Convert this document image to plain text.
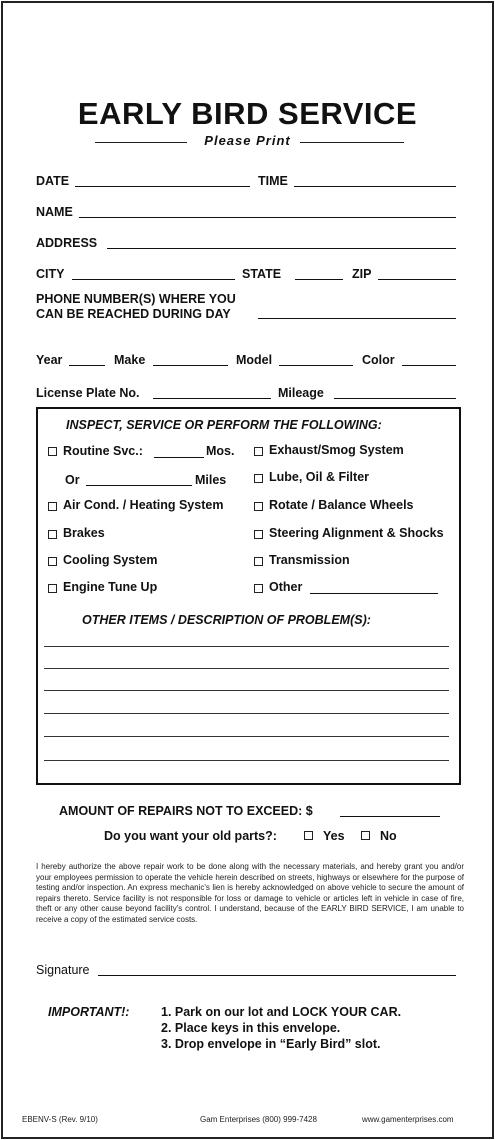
EARLY BIRD SERVICE
Please Print
DATE	TIME
NAME
ADDRESS
CITY	STATE	ZIP
PHONE NUMBER(S) WHERE YOU
CAN BE REACHED DURING DAY
Year	Make	Model	Color
License Plate No.	Mileage
INSPECT, SERVICE OR PERFORM THE FOLLOWING:
Routine Svc.:	Mos.
Or	Miles
Air Cond. / Heating System
Brakes
Cooling System
Engine Tune Up
Exhaust/Smog System
Lube, Oil & Filter
Rotate / Balance Wheels
Steering Alignment & Shocks
Transmission
Other
OTHER ITEMS / DESCRIPTION OF PROBLEM(S):
AMOUNT OF REPAIRS NOT TO EXCEED: $
Do you want your old parts?:	Yes	No
I hereby authorize the above repair work to be done along with the necessary materials, and hereby grant you and/or your employees permission to operate the vehicle herein described on streets, highways or elsewhere for the purpose of testing and/or inspection. An express mechanic's lien is hereby acknowledged on above vehicle to secure the amount of repairs thereto. Service facility is not responsible for loss or damage to vehicle or articles left in vehicle in case of fire, theft or any other cause beyond facility's control. I understand, because of the EARLY BIRD SERVICE, I am unable to receive a copy of the estimated service costs.
Signature
IMPORTANT!:	1. Park on our lot and LOCK YOUR CAR.
2. Place keys in this envelope.
3. Drop envelope in “Early Bird” slot.
EBENV-S (Rev. 9/10)	Gam Enterprises (800) 999-7428	www.gamenterprises.com
